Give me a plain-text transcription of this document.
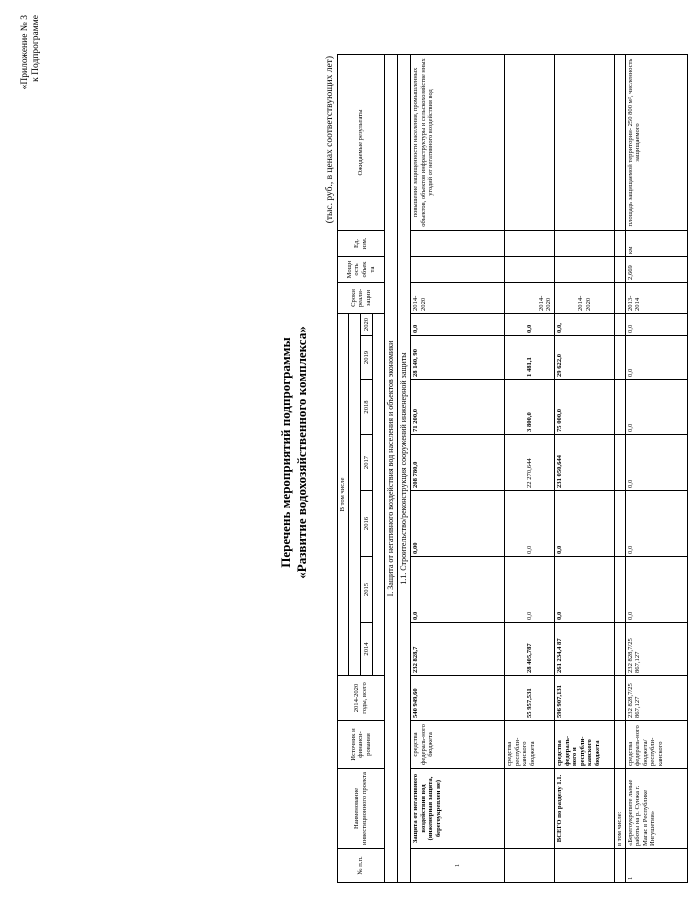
«Приложение № 3 к Подпрограмме
Перечень мероприятий подпрограммы «Развитие водохозяйственного комплекса»
(тыс. руб., в ценах соответствующих лет)
№ п.п.	Наименование инвестиционного проекта	Источник и финанси-рования	2014-2020 годы, всего	В том числе							Сроки реали-зации	Мощн ость объек та	Ед. изм.	Ожидаемые результаты

				2014	2015	2016	2017	2018	2019	2020				

I. Защита от негативного воздействия вод населения и объектов экономики														
1.1. Строительство/реконструкция сооружений инженерной защиты														
1	Защита от негативного воздействия вод (инженерная защита, берегоукреплен не)	средства федераль-ного бюджета	540 949,60	232 828,7	0,0	0,00	208 780,0	71 200,0	28 140, 90	0,0	2014-2020			повышение защищенности населения, промышленных объектов, объектов инфраструктуры и сельскохозяйстве нных угодий от негативного воздействия вод
		средства республи-канского бюджета	55 957,531	28 405,787	0,0	0,0	22 270,644	3 800,0	1 481,1	0,0	2014-2020			
	ВСЕГО по разделу 1.1.	средства федераль-ного и республи-канского бюджета	596 907,131	261 234,4 87	0,0	0,0	231 050,644	75 000,0	29 622,0	0,0,	2014-2020			
	в том числе:													
1	«Берегоукрепите льные работы на р. Сунжа г. Магас в Республике Ингушетия»	средства федераль-ного бюджета/ республи-канского	232 828,7/25 867,127	232 828,7/25 867,127	0,0	0,0	0,0	0,0	0,0	0,0	2013-2014	2,669	км	площадь защищаемой территории- 250 800 м², численность защищаемого
